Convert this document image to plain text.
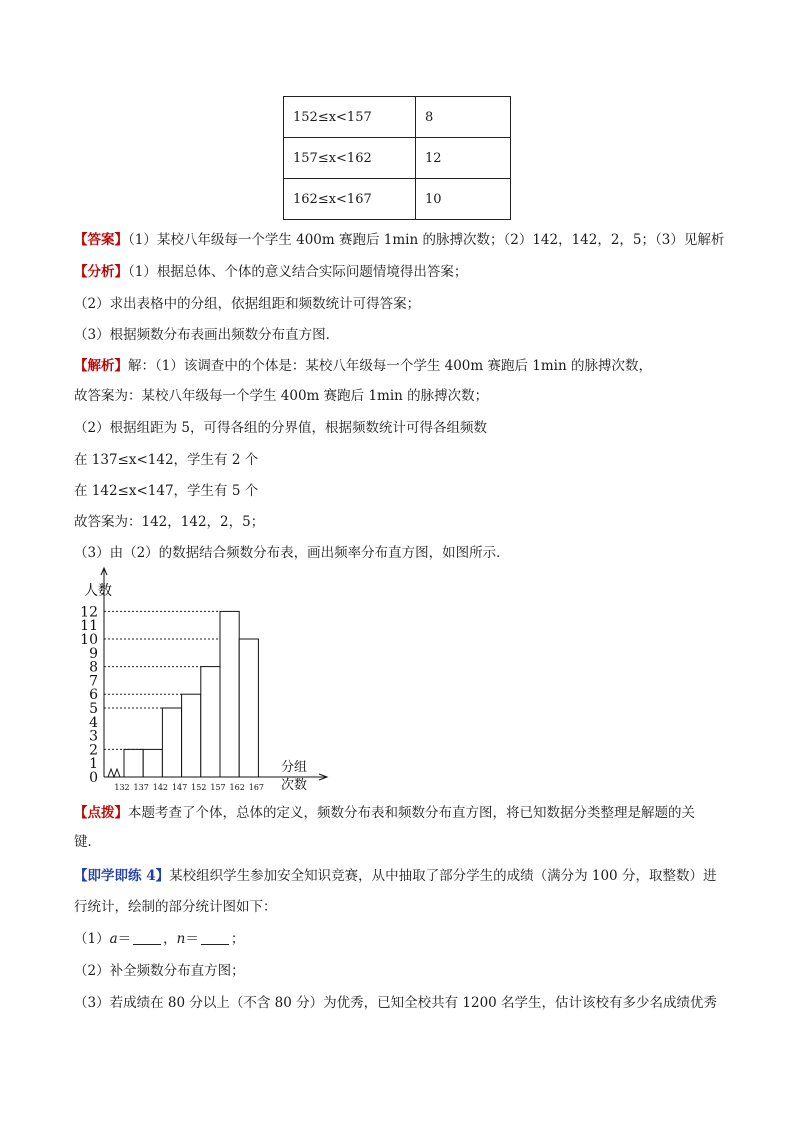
152≤x<157	8
157≤x<162	12
162≤x<167	10
【答案】（1）某校八年级每一个学生 400m 赛跑后 1min 的脉搏次数；（2）142，142，2，5；（3）见解析
【分析】（1）根据总体、个体的意义结合实际问题情境得出答案；
（2）求出表格中的分组，依据组距和频数统计可得答案；
（3）根据频数分布表画出频数分布直方图．
【解析】解：（1）该调查中的个体是：某校八年级每一个学生 400m 赛跑后 1min 的脉搏次数，
故答案为：某校八年级每一个学生 400m 赛跑后 1min 的脉搏次数；
（2）根据组距为 5，可得各组的分界值，根据频数统计可得各组频数
在 137≤x<142，学生有 2 个
在 142≤x<147，学生有 5 个
故答案为：142，142，2，5；
（3）由（2）的数据结合频数分布表，画出频率分布直方图，如图所示．
0
1
2
3
4
5
6
7
8
9
10
11
12
132 137 142 147 152 157 162 167
人数
分组
次数
【点拨】本题考查了个体，总体的定义，频数分布表和频数分布直方图，将已知数据分类整理是解题的关
键．
【即学即练 4】某校组织学生参加安全知识竞赛，从中抽取了部分学生的成绩（满分为 100 分，取整数）进
行统计，绘制的部分统计图如下：
（1）a＝ ，n＝ ；
（2）补全频数分布直方图；
（3）若成绩在 80 分以上（不含 80 分）为优秀，已知全校共有 1200 名学生，估计该校有多少名成绩优秀
